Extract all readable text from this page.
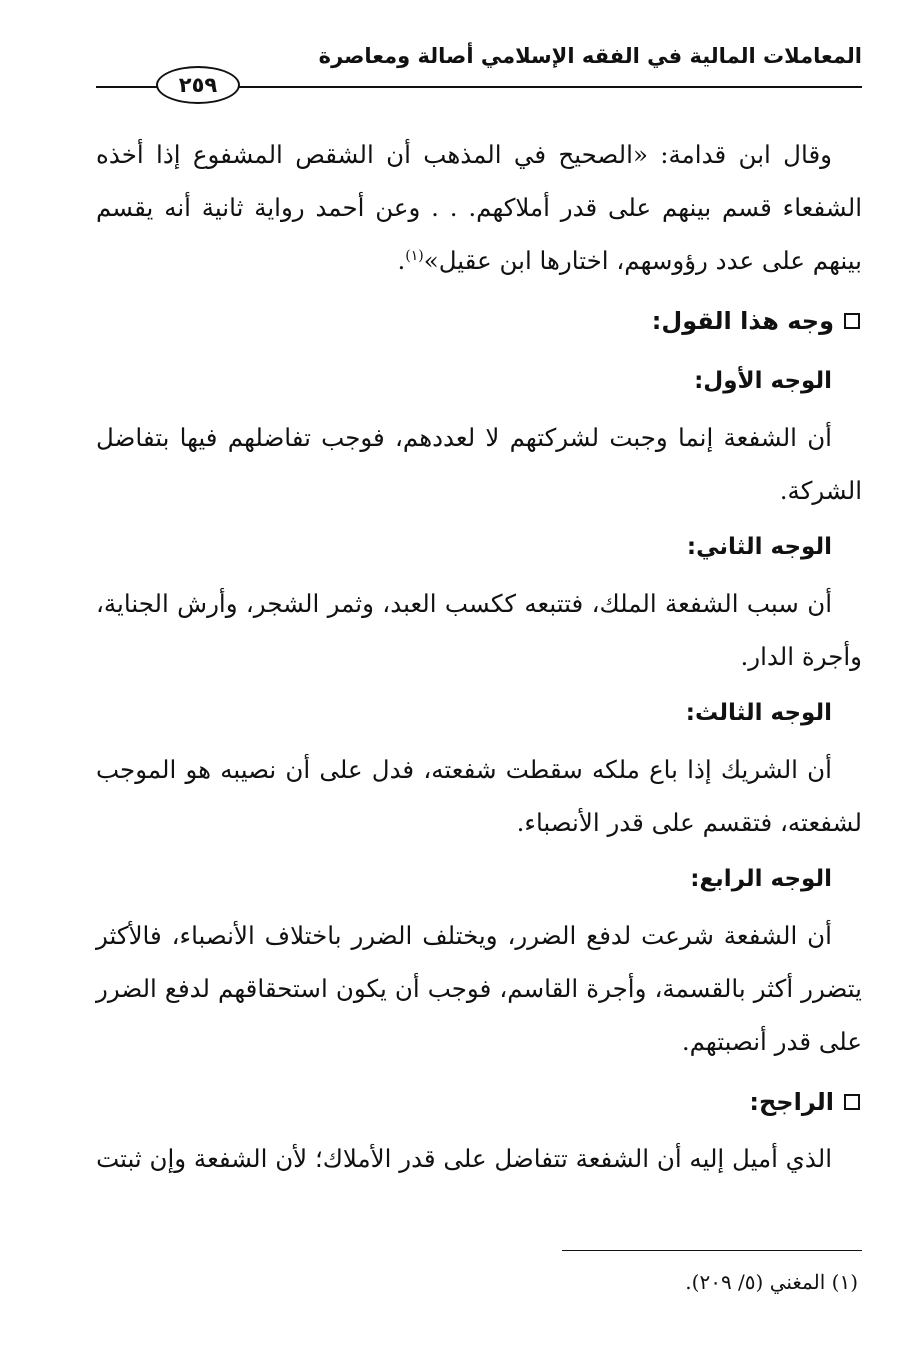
المعاملات المالية في الفقه الإسلامي أصالة ومعاصرة
٢٥٩

وقال ابن قدامة: «الصحيح في المذهب أن الشقص المشفوع إذا أخذه الشفعاء قسم بينهم على قدر أملاكهم. . . وعن أحمد رواية ثانية أنه يقسم بينهم على عدد رؤوسهم، اختارها ابن عقيل»$^{(١)}$.

وجه هذا القول:
الوجه الأول:

أن الشفعة إنما وجبت لشركتهم لا لعددهم، فوجب تفاضلهم فيها بتفاضل الشركة.

الوجه الثاني:

أن سبب الشفعة الملك، فتتبعه ككسب العبد، وثمر الشجر، وأرش الجناية، وأجرة الدار.

الوجه الثالث:

أن الشريك إذا باع ملكه سقطت شفعته، فدل على أن نصيبه هو الموجب لشفعته، فتقسم على قدر الأنصباء.

الوجه الرابع:

أن الشفعة شرعت لدفع الضرر، ويختلف الضرر باختلاف الأنصباء، فالأكثر يتضرر أكثر بالقسمة، وأجرة القاسم، فوجب أن يكون استحقاقهم لدفع الضرر على قدر أنصبتهم.

الراجح:

الذي أميل إليه أن الشفعة تتفاضل على قدر الأملاك؛ لأن الشفعة وإن ثبتت

(١) المغني (٥/ ٢٠٩).
